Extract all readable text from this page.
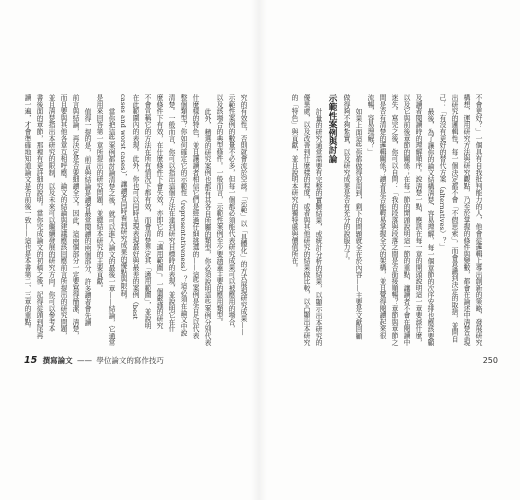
究的有效性，否則就會流於空談。「示範」以「具體化」的方式展現研究成果——
示範性案例的數量不必多，但每一個都必須能代表研究成果可以被應用的場合，
以及該場合的典型條件。一般而言，示範性案例至少要涵蓋主要的應用類型。
此外，精選的研究案例也都有其各自所屬的類型，你必須說明這些案例分別代表
什麼樣的特色，並且讓讀者相信它們是經過仔細挑選的——這些案例是否足以代表
整個類型？你如何確定它的示範性（representativeness）？這必須在論文中說
清楚。一般而言，你可以指出這個方法在達到研究目標時的表現，並說明它在什
麼條件下有效，在什麼條件下會失效，亦即它的「適用範圍」。一個嚴謹的研究
不會宣稱它的方法在所有情況下都有效，而會清楚界定其「適用範圍」，並說明
在此範圍內的表現。此外，你也可以同時呈現表現最好與最差的案例（best
cases and worst cases），讓讀者同時看到研究成果的優點與限制。
當你把這些案例都討論清楚之後，就可以進入論文的最後一章——結論，它通常
是用來回答第一章所提出的研究問題，並總結本研究的主要貢獻。
值得一提的是，前言與結論是讀者最常閱讀的兩個部分，許多讀者會先讀
前言與結論，再決定是否要細讀全文。因此，這兩個部分一定要寫得簡潔、清楚，
而且要與其他各章互相呼應。論文的結論與建議應該回應前言所提出的研究問題，
並且清楚指出本研究的限制，以及未來可以繼續發展的研究方向。你可以參考本
書後面的章節，那裡有更詳細的說明。當你完成論文的初稿之後，記得從頭到尾再
讀一遍，才會準確地知道論文是否前後一致——這也是本書第二、三章的重點。	不會更好？」一個具有自我批判能力的人，他會從邏輯上導出創新的策略，發展研究
構想，運用研究方法與研究觀點，乃至於掌握的條件與變數，都會在論述中清楚呈現
出研究的邏輯性，每一個決定都不會「不假思索」，而會意識到決定的取捨，並問自
己：「有沒有更好的替代方案（alternatives）？」
最後，為了讓你的論文結構清楚、容易理解，每一個章節的次序安排也應該要顧
及讀者閱讀時的理解順序。說清楚一點，應該在每一章的開頭說明這一章要談什麼，
以及它與前後章節的關係；在每一節的開頭說明這一節的重點，讓讀者不會在閱讀中
迷失。寫完之後，你可以自問：「我的段落與段落之間是否銜接順暢？章節與章節之
間是否有清楚的邏輯關係？讀者是否能輕易掌握全文的架構，並且覺得閱讀起來很
流暢，容易理解？」
如果上面這些你都做得很周到，剩下的問題就全在於內容——主要是文獻回顧
做得夠不夠紮實，以及研究成果是否有充分的說服力了。
示範性案例與討論
計量的研究通常需要有完整的實驗結果，或統計分析的結果，以顯示出本研究的
優異處，以及改善到什麼樣的程度，或者與其他研究的結果做比較，以凸顯出本研究
的「特色」與貢獻，並且說明本研究的獨特處與價值所在。
15 撰寫論文 —— 學位論文的寫作技巧	250
